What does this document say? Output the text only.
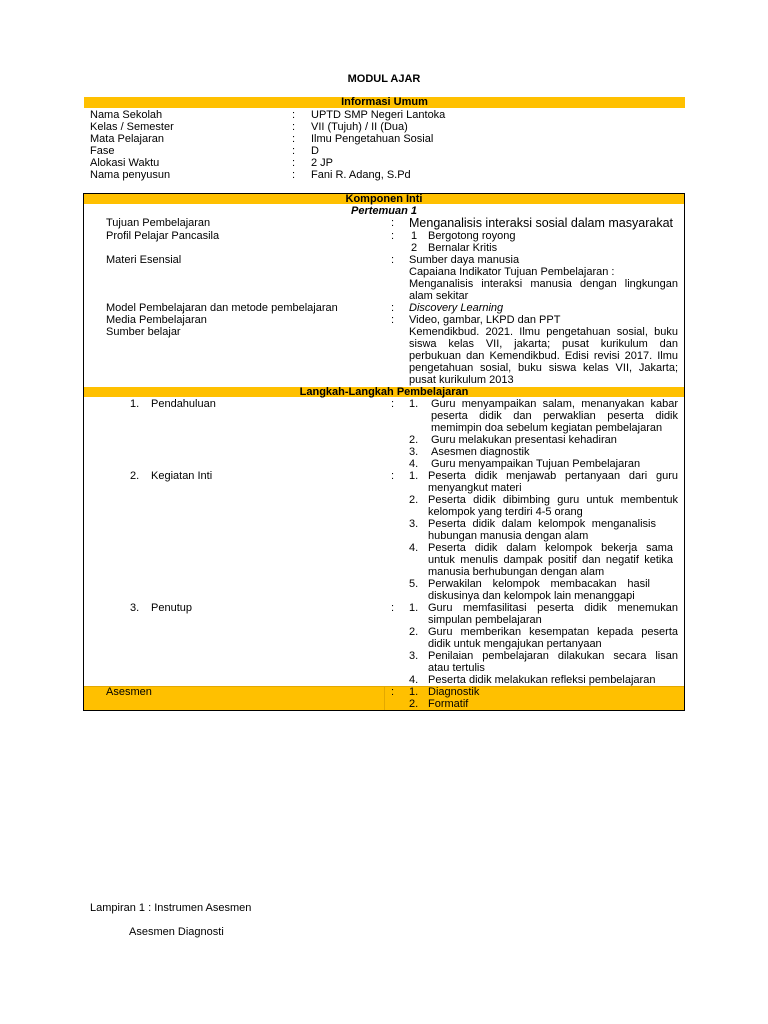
MODUL AJAR
Informasi Umum
Nama Sekolah	: UPTD SMP Negeri Lantoka
Kelas / Semester	: VII (Tujuh) / II (Dua)
Mata Pelajaran	: Ilmu Pengetahuan Sosial
Fase	: D
Alokasi Waktu	: 2 JP
Nama penyusun	: Fani R. Adang, S.Pd
Komponen Inti
Pertemuan 1
Tujuan Pembelajaran	: Menganalisis interaksi sosial dalam masyarakat
Profil Pelajar Pancasila	: 1 Bergotong royong
2 Bernalar Kritis
Materi Esensial	: Sumber daya manusia
Capaiana Indikator Tujuan Pembelajaran :
Menganalisis interaksi manusia dengan lingkungan alam sekitar
Model Pembelajaran dan metode pembelajaran	: Discovery Learning
Media Pembelajaran	: Video, gambar, LKPD dan PPT
Sumber belajar	Kemendikbud. 2021. Ilmu pengetahuan sosial, buku siswa kelas VII, jakarta; pusat kurikulum dan perbukuan dan Kemendikbud. Edisi revisi 2017. Ilmu pengetahuan sosial, buku siswa kelas VII, Jakarta; pusat kurikulum 2013
Langkah-Langkah Pembelajaran
1. Pendahuluan	: 1. Guru menyampaikan salam, menanyakan kabar peserta didik dan perwaklian peserta didik memimpin doa sebelum kegiatan pembelajaran
2. Guru melakukan presentasi kehadiran
3. Asesmen diagnostik
4. Guru menyampaikan Tujuan Pembelajaran
2. Kegiatan Inti	: 1. Peserta didik menjawab pertanyaan dari guru menyangkut materi
2. Peserta didik dibimbing guru untuk membentuk kelompok yang terdiri 4-5 orang
3. Peserta didik dalam kelompok menganalisis hubungan manusia dengan alam
4. Peserta didik dalam kelompok bekerja sama untuk menulis dampak positif dan negatif ketika manusia berhubungan dengan alam
5. Perwakilan kelompok membacakan hasil diskusinya dan kelompok lain menanggapi
3. Penutup	: 1. Guru memfasilitasi peserta didik menemukan simpulan pembelajaran
2. Guru memberikan kesempatan kepada peserta didik untuk mengajukan pertanyaan
3. Penilaian pembelajaran dilakukan secara lisan atau tertulis
4. Peserta didik melakukan refleksi pembelajaran
Asesmen	: 1. Diagnostik
2. Formatif
Lampiran 1 : Instrumen Asesmen
Asesmen Diagnosti
